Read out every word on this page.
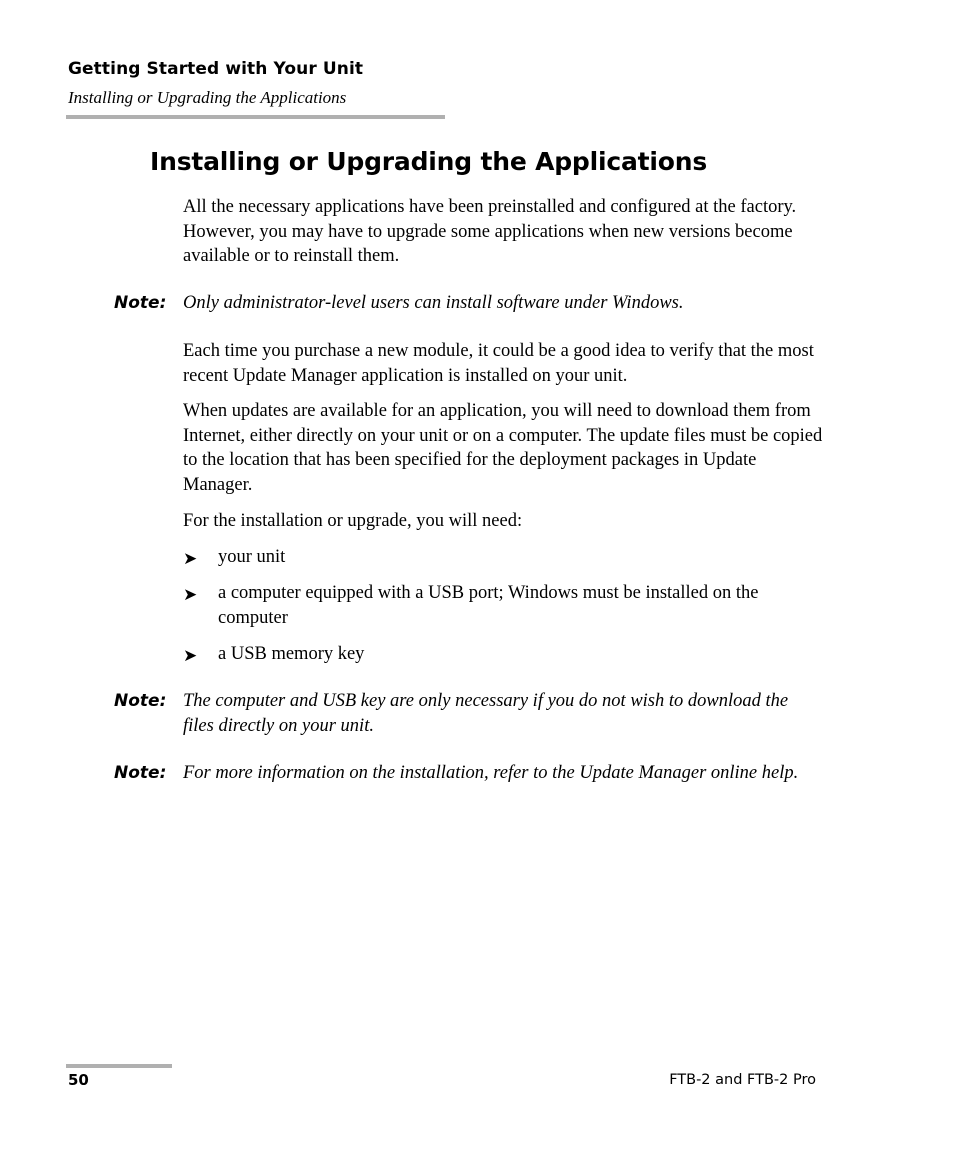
Getting Started with Your Unit
Installing or Upgrading the Applications
Installing or Upgrading the Applications

All the necessary applications have been preinstalled and configured at the factory. However, you may have to upgrade some applications when new versions become available or to reinstall them.

Note: Only administrator-level users can install software under Windows.

Each time you purchase a new module, it could be a good idea to verify that the most recent Update Manager application is installed on your unit.

When updates are available for an application, you will need to download them from Internet, either directly on your unit or on a computer. The update files must be copied to the location that has been specified for the deployment packages in Update Manager.

For the installation or upgrade, you will need:

➤ your unit
➤ a computer equipped with a USB port; Windows must be installed on the computer
➤ a USB memory key
Note: The computer and USB key are only necessary if you do not wish to download the files directly on your unit.

Note: For more information on the installation, refer to the Update Manager online help.

50	FTB-2 and FTB-2 Pro
